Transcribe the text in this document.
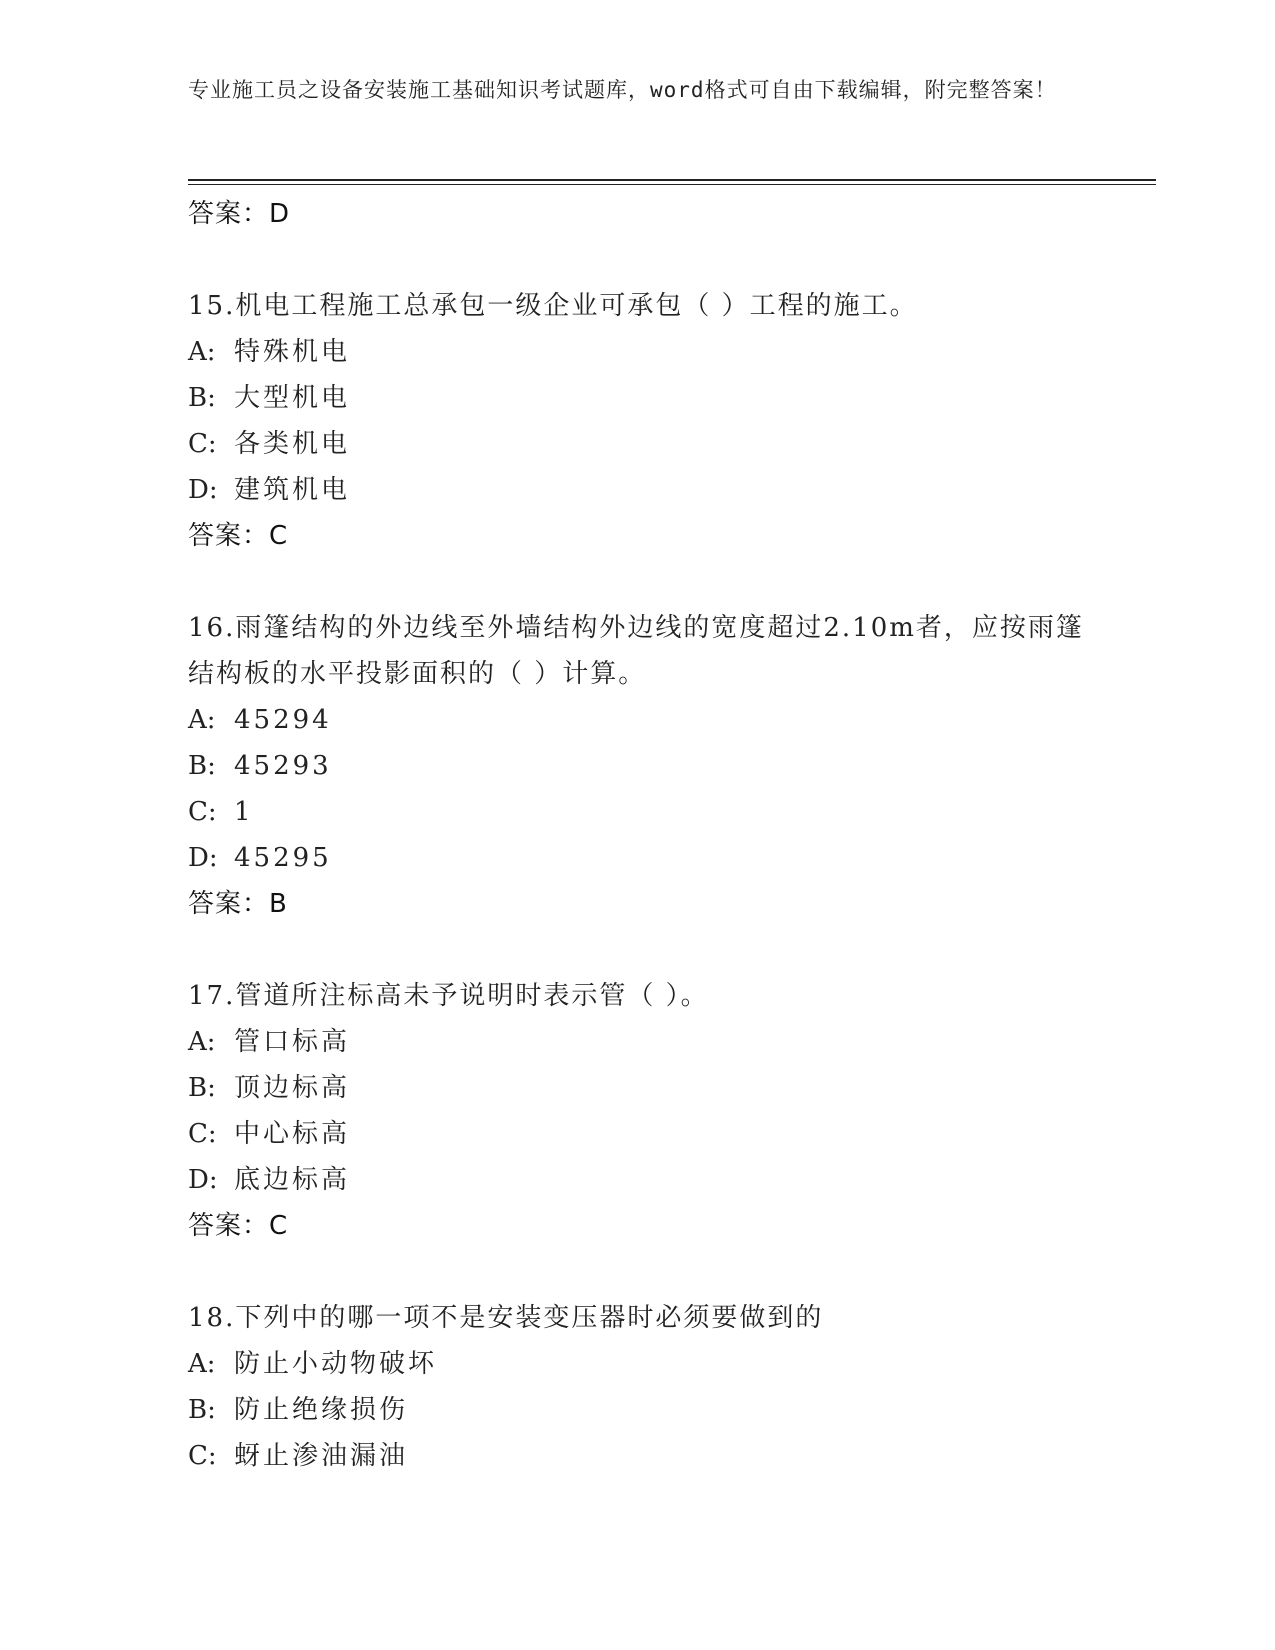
专业施工员之设备安装施工基础知识考试题库，word格式可自由下载编辑，附完整答案！
答案：D
15.机电工程施工总承包一级企业可承包（ ）工程的施工。
A: 特殊机电
B: 大型机电
C: 各类机电
D: 建筑机电
答案：C
16.雨篷结构的外边线至外墙结构外边线的宽度超过2.10m者，应按雨篷结构板的水平投影面积的（ ）计算。
A: 45294
B: 45293
C: 1
D: 45295
答案：B
17.管道所注标高未予说明时表示管（ ）。
A: 管口标高
B: 顶边标高
C: 中心标高
D: 底边标高
答案：C
18.下列中的哪一项不是安装变压器时必须要做到的
A: 防止小动物破坏
B: 防止绝缘损伤
C: 蚜止渗油漏油
